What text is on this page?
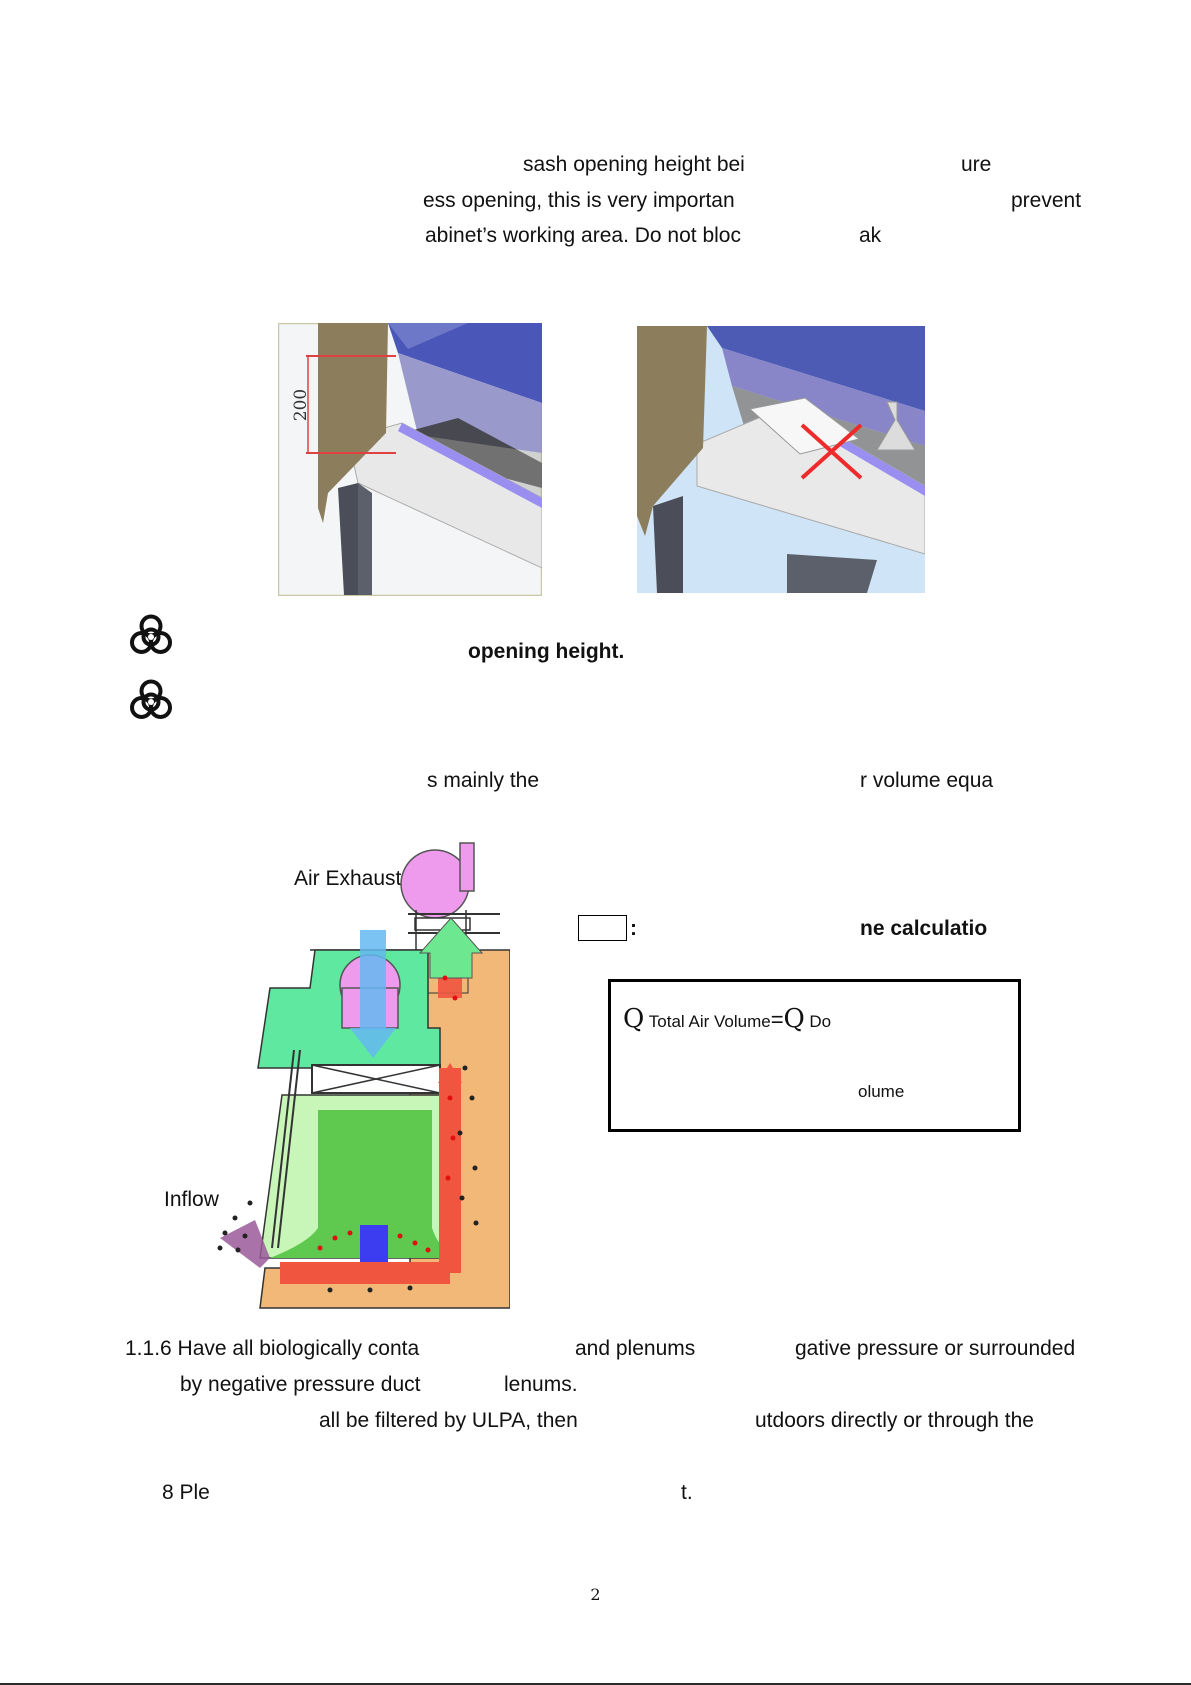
sash opening height bei	ure
ess opening, this is very importan	prevent
abinet’s working area. Do not bloc	ak
200
opening height.
s mainly the	r volume equa
Air Exhaust
Inflow
:	ne calculatio
Q Total Air Volume=Q Do
olume
1.1.6 Have all biologically conta	and plenums	gative pressure or surrounded
by negative pressure duct	lenums.
all be filtered by ULPA, then	utdoors directly or through the
8 Ple	t.
2
